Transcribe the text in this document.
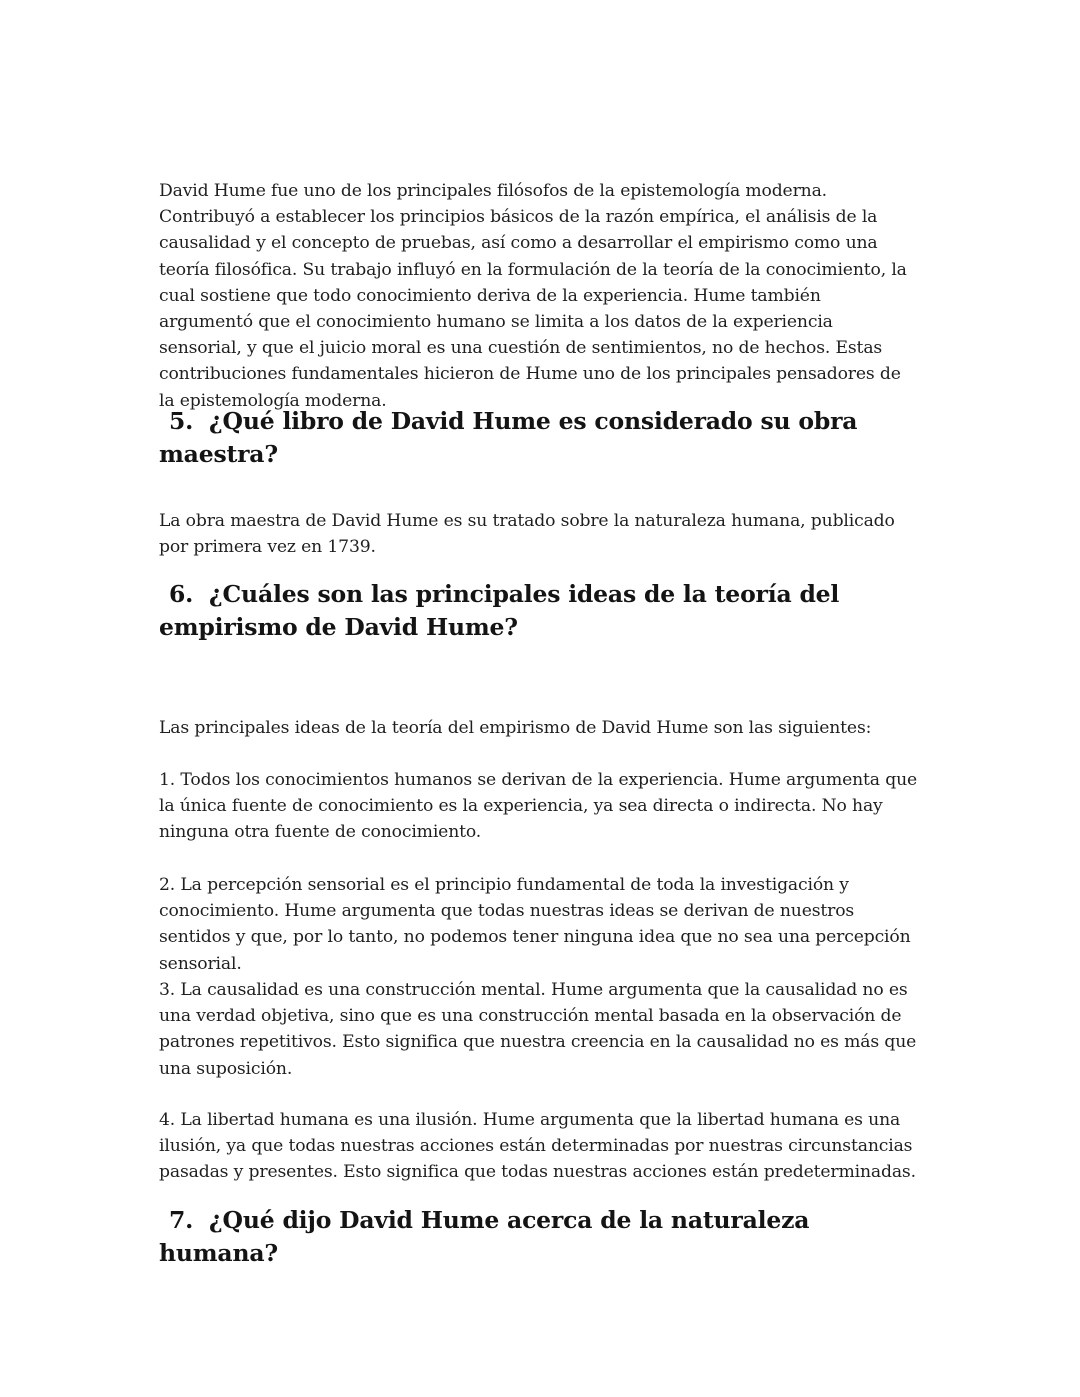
David Hume fue uno de los principales filósofos de la epistemología moderna. Contribuyó a establecer los principios básicos de la razón empírica, el análisis de la causalidad y el concepto de pruebas, así como a desarrollar el empirismo como una teoría filosófica. Su trabajo influyó en la formulación de la teoría de la conocimiento, la cual sostiene que todo conocimiento deriva de la experiencia. Hume también argumentó que el conocimiento humano se limita a los datos de la experiencia sensorial, y que el juicio moral es una cuestión de sentimientos, no de hechos. Estas contribuciones fundamentales hicieron de Hume uno de los principales pensadores de la epistemología moderna.

5. ¿Qué libro de David Hume es considerado su obra maestra?

La obra maestra de David Hume es su tratado sobre la naturaleza humana, publicado por primera vez en 1739.

6. ¿Cuáles son las principales ideas de la teoría del empirismo de David Hume?

Las principales ideas de la teoría del empirismo de David Hume son las siguientes:

1. Todos los conocimientos humanos se derivan de la experiencia. Hume argumenta que la única fuente de conocimiento es la experiencia, ya sea directa o indirecta. No hay ninguna otra fuente de conocimiento.

2. La percepción sensorial es el principio fundamental de toda la investigación y conocimiento. Hume argumenta que todas nuestras ideas se derivan de nuestros sentidos y que, por lo tanto, no podemos tener ninguna idea que no sea una percepción sensorial.

3. La causalidad es una construcción mental. Hume argumenta que la causalidad no es una verdad objetiva, sino que es una construcción mental basada en la observación de patrones repetitivos. Esto significa que nuestra creencia en la causalidad no es más que una suposición.

4. La libertad humana es una ilusión. Hume argumenta que la libertad humana es una ilusión, ya que todas nuestras acciones están determinadas por nuestras circunstancias pasadas y presentes. Esto significa que todas nuestras acciones están predeterminadas.

7. ¿Qué dijo David Hume acerca de la naturaleza humana?
